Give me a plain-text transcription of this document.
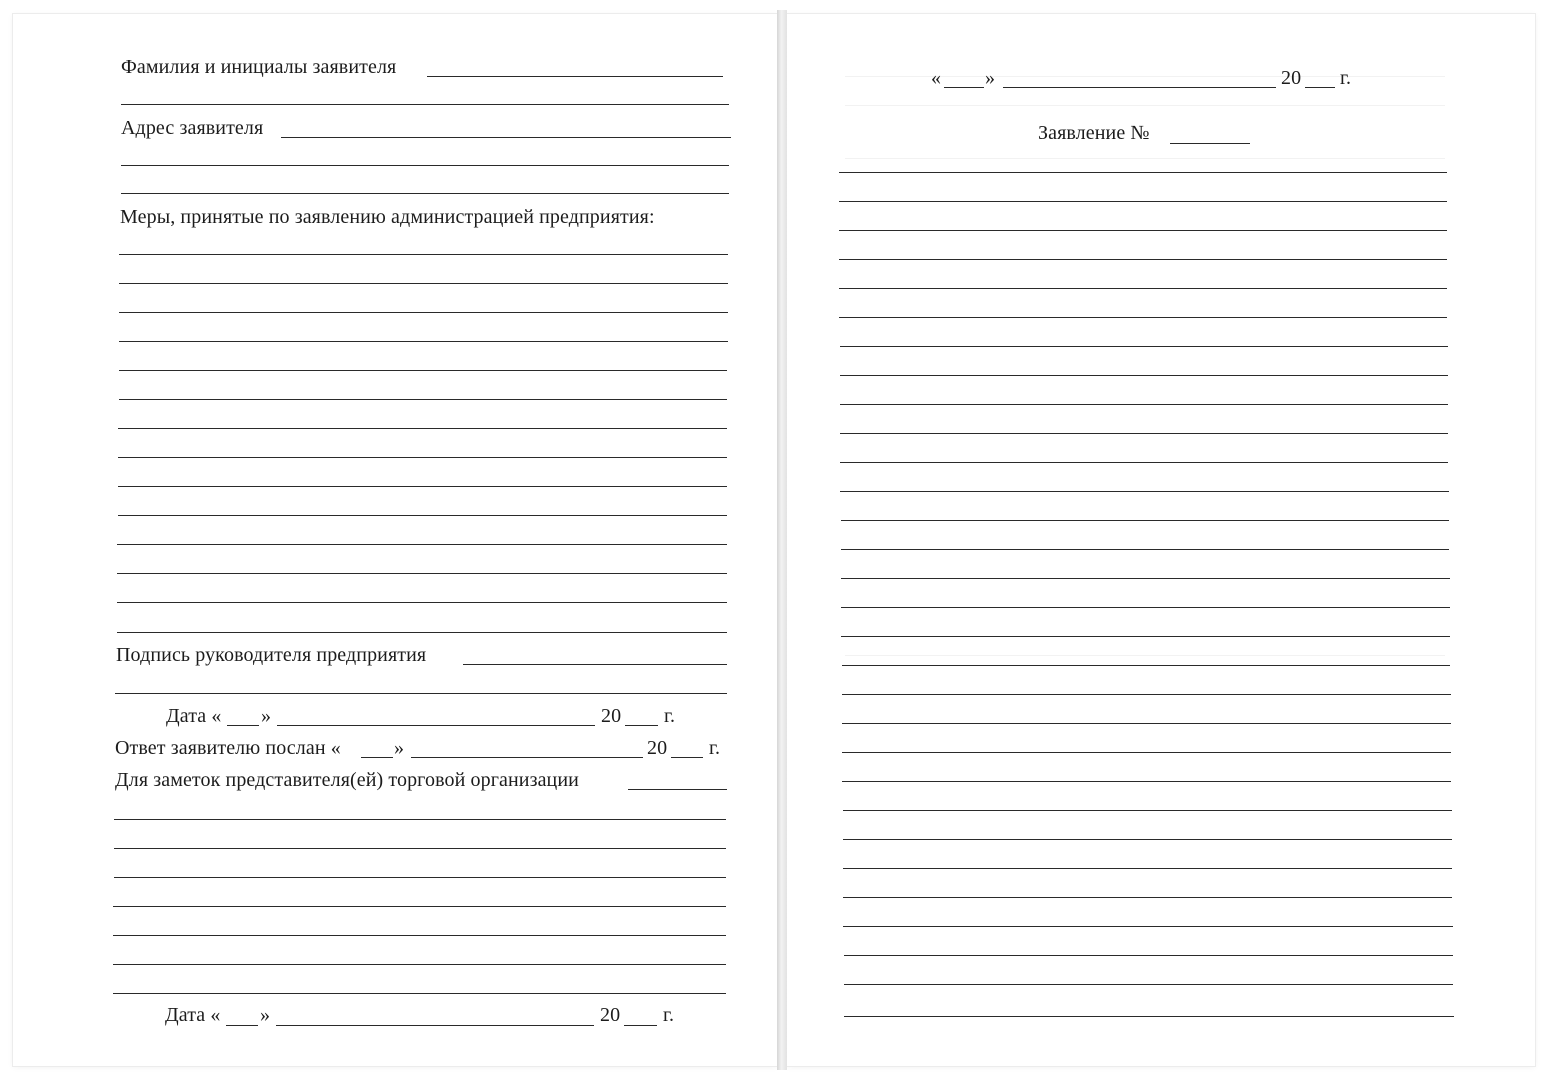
Фамилия и инициалы заявителя
Адрес заявителя
Меры, принятые по заявлению администрацией предприятия:
Подпись руководителя предприятия
Дата « »	20 г.
Ответ заявителю послан «	»	20 г.
Для заметок представителя(ей) торговой организации
Дата « »	20 г.
« »	20 г.
Заявление №
